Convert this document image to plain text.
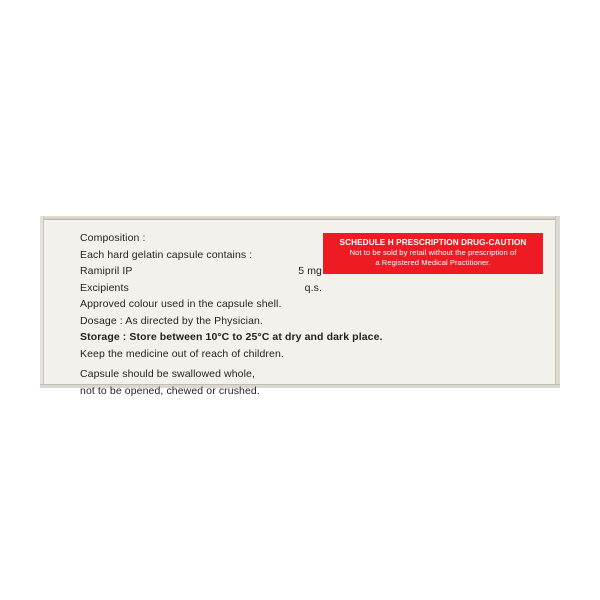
Composition :
Each hard gelatin capsule contains :
Ramipril IP	5 mg
Excipients	q.s.
Approved colour used in the capsule shell.
Dosage : As directed by the Physician.
Storage : Store between 10°C to 25°C at dry and dark place.
Keep the medicine out of reach of children.
Capsule should be swallowed whole,
not to be opened, chewed or crushed.
SCHEDULE H PRESCRIPTION DRUG-CAUTION
Not to be sold by retail without the prescription of
a Registered Medical Practitioner.
